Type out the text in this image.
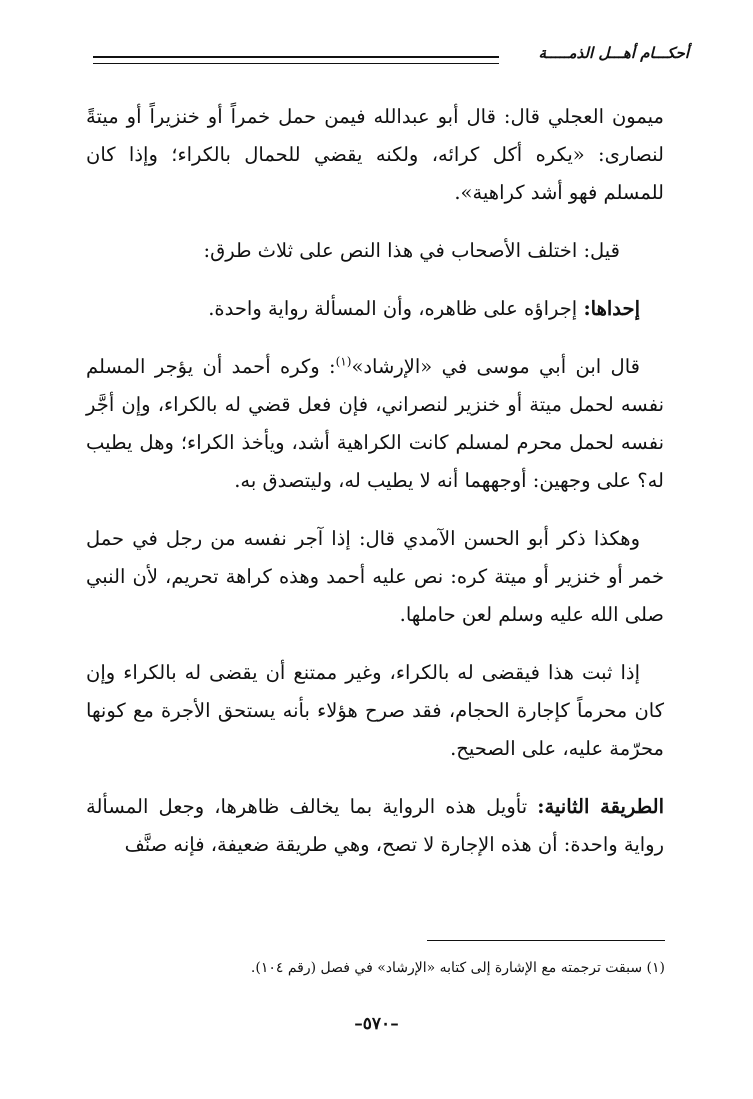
أحكـــام أهـــل الذمـــــة

ميمون العجلي قال: قال أبو عبدالله فيمن حمل خمراً أو خنزيراً أو ميتةً لنصارى: «يكره أكل كرائه، ولكنه يقضي للحمال بالكراء؛ وإذا كان للمسلم فهو أشد كراهية».

قيل: اختلف الأصحاب في هذا النص على ثلاث طرق:

إحداها: إجراؤه على ظاهره، وأن المسألة رواية واحدة.

قال ابن أبي موسى في «الإرشاد»$^{(١)}$: وكره أحمد أن يؤجر المسلم نفسه لحمل ميتة أو خنزير لنصراني، فإن فعل قضي له بالكراء، وإن أجَّر نفسه لحمل محرم لمسلم كانت الكراهية أشد، ويأخذ الكراء؛ وهل يطيب له؟ على وجهين: أوجههما أنه لا يطيب له، وليتصدق به.

وهكذا ذكر أبو الحسن الآمدي قال: إذا آجر نفسه من رجل في حمل خمر أو خنزير أو ميتة كره: نص عليه أحمد وهذه كراهة تحريم، لأن النبي صلى الله عليه وسلم لعن حاملها.

إذا ثبت هذا فيقضى له بالكراء، وغير ممتنع أن يقضى له بالكراء وإن كان محرماً كإجارة الحجام، فقد صرح هؤلاء بأنه يستحق الأجرة مع كونها محرّمة عليه، على الصحيح.

الطريقة الثانية: تأويل هذه الرواية بما يخالف ظاهرها، وجعل المسألة رواية واحدة: أن هذه الإجارة لا تصح، وهي طريقة ضعيفة، فإنه صنَّف

(١) سبقت ترجمته مع الإشارة إلى كتابه «الإرشاد» في فصل (رقم ١٠٤).
–٥٧٠–
